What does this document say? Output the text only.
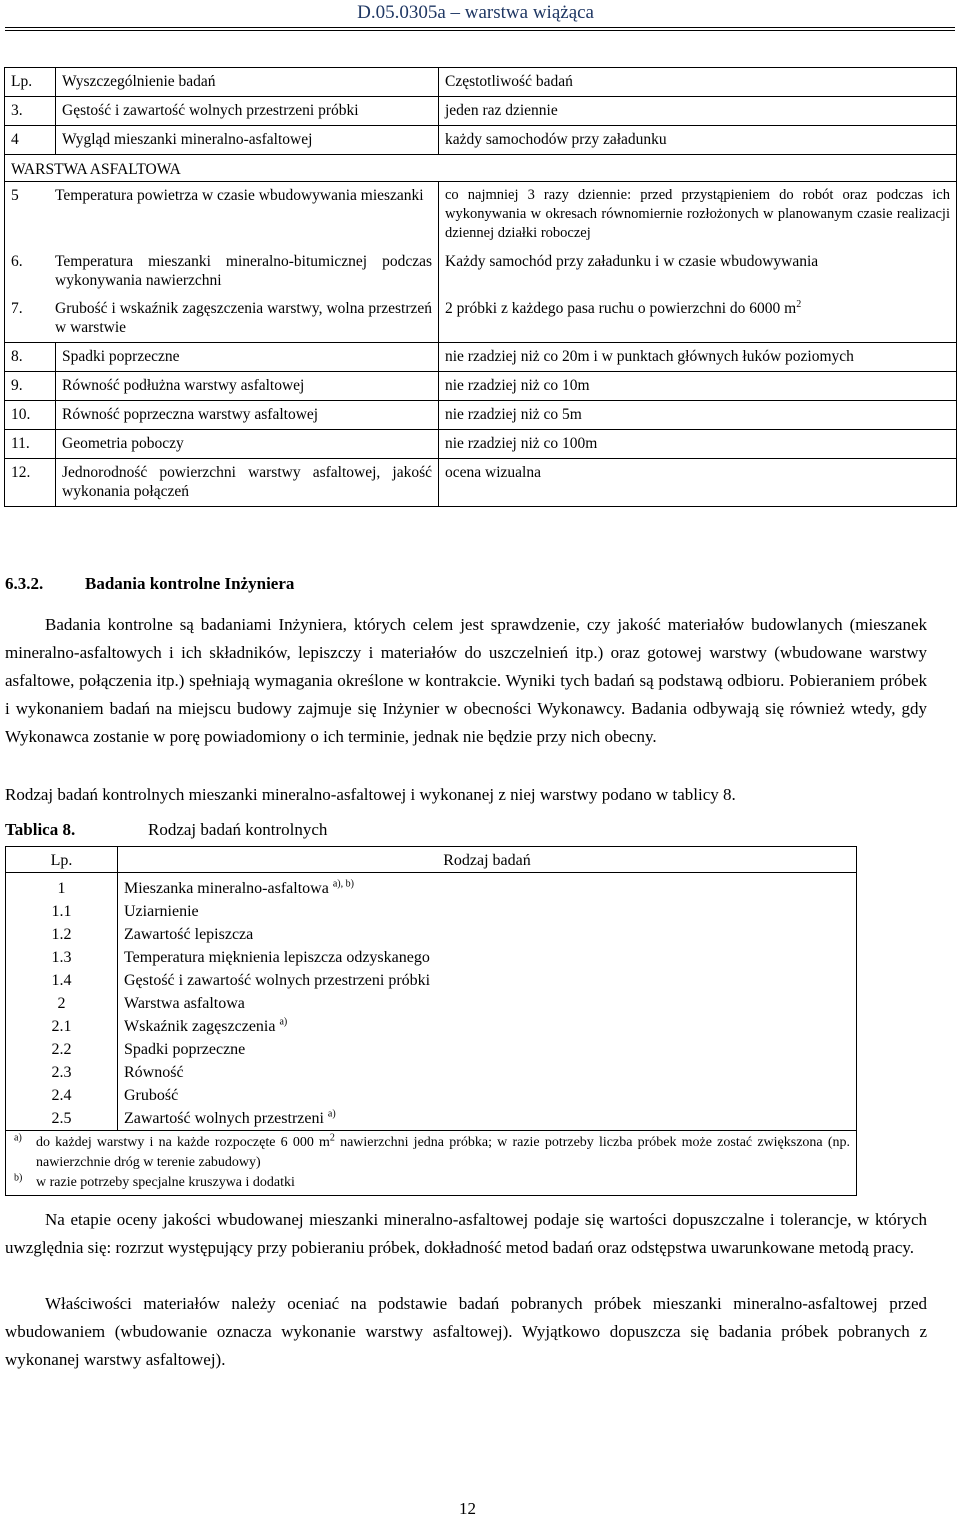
D.05.0305a – warstwa wiążąca
Lp.	Wyszczególnienie badań	Częstotliwość badań
3.	Gęstość i zawartość wolnych przestrzeni próbki	jeden raz dziennie
4	Wygląd mieszanki mineralno-asfaltowej	każdy samochodów przy załadunku
WARSTWA ASFALTOWA		

5 Temperatura powietrza w czasie wbudowywania mieszanki		co najmniej 3 razy dziennie: przed przystąpieniem do robót oraz podczas ich wykonywania w okresach równomiernie rozłożonych w planowanym czasie realizacji dziennej działki roboczej

6. Temperatura mieszanki mineralno-bitumicznej podczas wykonywania nawierzchni		Każdy samochód przy załadunku i w czasie wbudowywania

7. Grubość i wskaźnik zagęszczenia warstwy, wolna przestrzeń w warstwie		2 próbki z każdego pasa ruchu o powierzchni do 6000 $m^2$
8.	Spadki poprzeczne	nie rzadziej niż co 20m i w punktach głównych łuków poziomych
9.	Równość podłużna warstwy asfaltowej	nie rzadziej niż co 10m
10.	Równość poprzeczna warstwy asfaltowej	nie rzadziej niż co 5m
11.	Geometria poboczy	nie rzadziej niż co 100m
12.	Jednorodność powierzchni warstwy asfaltowej, jakość wykonania połączeń	ocena wizualna
6.3.2. Badania kontrolne Inżyniera
Badania kontrolne są badaniami Inżyniera, których celem jest sprawdzenie, czy jakość materiałów budowlanych (mieszanek mineralno-asfaltowych i ich składników, lepiszczy i materiałów do uszczelnień itp.) oraz gotowej warstwy (wbudowane warstwy asfaltowe, połączenia itp.) spełniają wymagania określone w kontrakcie. Wyniki tych badań są podstawą odbioru. Pobieraniem próbek i wykonaniem badań na miejscu budowy zajmuje się Inżynier w obecności Wykonawcy. Badania odbywają się również wtedy, gdy Wykonawca zostanie w porę powiadomiony o ich terminie, jednak nie będzie przy nich obecny.
Rodzaj badań kontrolnych mieszanki mineralno-asfaltowej i wykonanej z niej warstwy podano w tablicy 8.
Tablica 8.	Rodzaj badań kontrolnych
Lp.	Rodzaj badań
1	Mieszanka mineralno-asfaltowa $^{a), b)}$
1.1	Uziarnienie
1.2	Zawartość lepiszcza
1.3	Temperatura mięknienia lepiszcza odzyskanego
1.4	Gęstość i zawartość wolnych przestrzeni próbki
2	Warstwa asfaltowa
2.1	Wskaźnik zagęszczenia $^{a)}$
2.2	Spadki poprzeczne
2.3	Równość
2.4	Grubość
2.5	Zawartość wolnych przestrzeni $^{a)}$

$^{a)}$ do każdej warstwy i na każde rozpoczęte 6 000 $m^2$ nawierzchni jedna próbka; w razie potrzeby liczba próbek może zostać zwiększona (np. nawierzchnie dróg w terenie zabudowy)
$^{b)}$ w razie potrzeby specjalne kruszywa i dodatki	
Na etapie oceny jakości wbudowanej mieszanki mineralno-asfaltowej podaje się wartości dopuszczalne i tolerancje, w których uwzględnia się: rozrzut występujący przy pobieraniu próbek, dokładność metod badań oraz odstępstwa uwarunkowane metodą pracy.
Właściwości materiałów należy oceniać na podstawie badań pobranych próbek mieszanki mineralno-asfaltowej przed wbudowaniem (wbudowanie oznacza wykonanie warstwy asfaltowej). Wyjątkowo dopuszcza się badania próbek pobranych z wykonanej warstwy asfaltowej).
12
